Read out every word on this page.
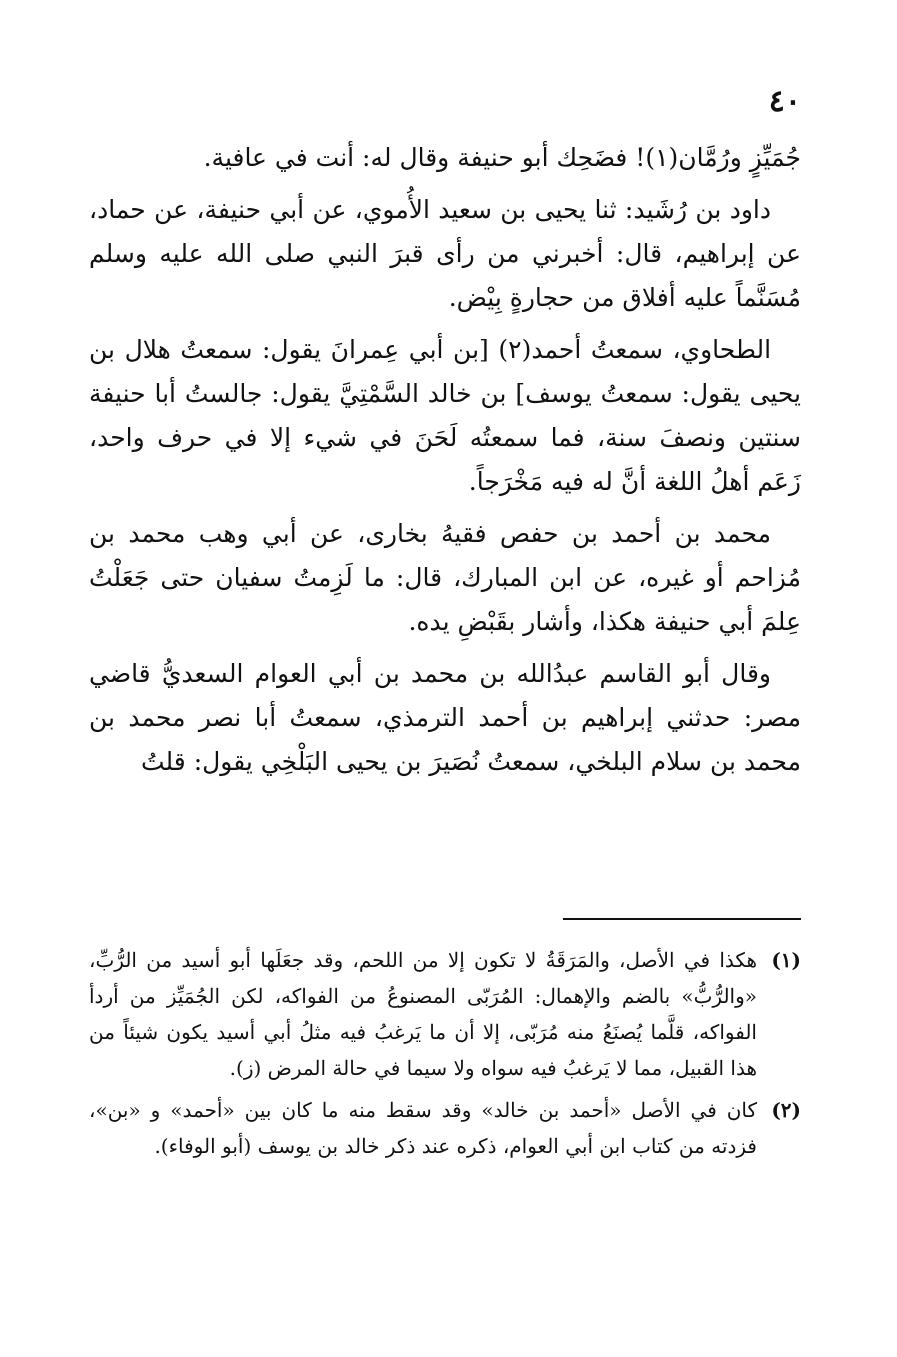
٤٠

جُمَيِّزٍ ورُمَّان(١)! فضَحِك أبو حنيفة وقال له: أنت في عافية.

داود بن رُشَيد: ثنا يحيى بن سعيد الأُموي، عن أبي حنيفة، عن حماد، عن إبراهيم، قال: أخبرني من رأى قبرَ النبي صلى الله عليه وسلم مُسَنَّماً عليه أفلاق من حجارةٍ بِيْض.

الطحاوي، سمعتُ أحمد(٢) [بن أبي عِمرانَ يقول: سمعتُ هلال بن يحيى يقول: سمعتُ يوسف] بن خالد السَّمْتِيَّ يقول: جالستُ أبا حنيفة سنتين ونصفَ سنة، فما سمعتُه لَحَنَ في شيء إلا في حرف واحد، زَعَم أهلُ اللغة أنَّ له فيه مَخْرَجاً.

محمد بن أحمد بن حفص فقيهُ بخارى، عن أبي وهب محمد بن مُزاحم أو غيره، عن ابن المبارك، قال: ما لَزِمتُ سفيان حتى جَعَلْتُ عِلمَ أبي حنيفة هكذا، وأشار بقَبْضِ يده.

وقال أبو القاسم عبدُالله بن محمد بن أبي العوام السعديُّ قاضي مصر: حدثني إبراهيم بن أحمد الترمذي، سمعتُ أبا نصر محمد بن محمد بن سلام البلخي، سمعتُ نُصَيرَ بن يحيى البَلْخِي يقول: قلتُ

(١)

هكذا في الأصل، والمَرَقَةُ لا تكون إلا من اللحم، وقد جعَلَها أبو أسيد من الرُّبِّ، «والرُّبُّ» بالضم والإهمال: المُرَبّى المصنوعُ من الفواكه، لكن الجُمَيِّز من أردأ الفواكه، قلَّما يُصنَعُ منه مُرَبّى، إلا أن ما يَرغبُ فيه مثلُ أبي أسيد يكون شيئاً من هذا القبيل، مما لا يَرغبُ فيه سواه ولا سيما في حالة المرض (ز).

(٢)

كان في الأصل «أحمد بن خالد» وقد سقط منه ما كان بين «أحمد» و «بن»، فزدته من كتاب ابن أبي العوام، ذكره عند ذكر خالد بن يوسف (أبو الوفاء).
